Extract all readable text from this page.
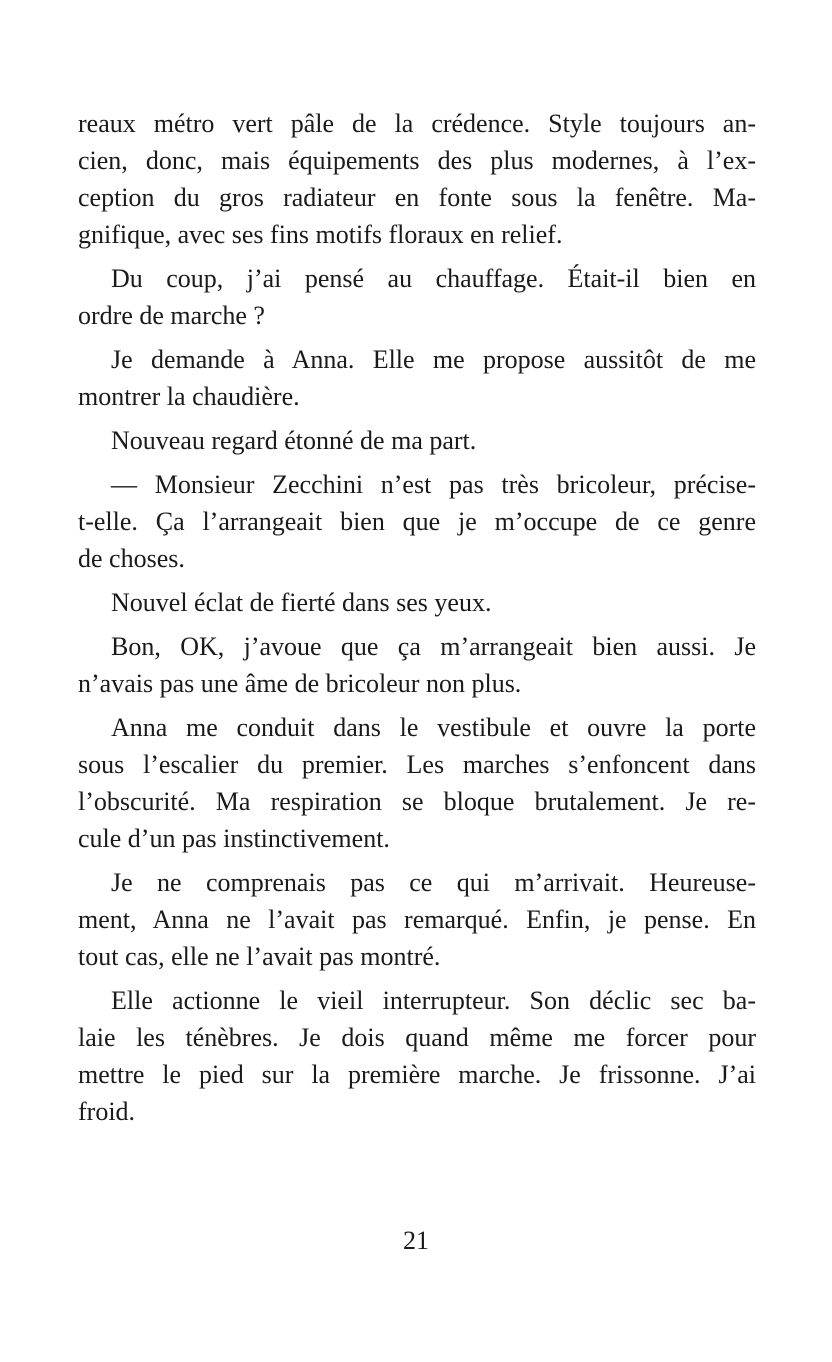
reaux métro vert pâle de la crédence. Style toujours an-
cien, donc, mais équipements des plus modernes, à l’ex-
ception du gros radiateur en fonte sous la fenêtre. Ma-
gnifique, avec ses fins motifs floraux en relief.
Du coup, j’ai pensé au chauffage. Était-il bien en
ordre de marche ?
Je demande à Anna. Elle me propose aussitôt de me
montrer la chaudière.
Nouveau regard étonné de ma part.
— Monsieur Zecchini n’est pas très bricoleur, précise-
t-elle. Ça l’arrangeait bien que je m’occupe de ce genre
de choses.
Nouvel éclat de fierté dans ses yeux.
Bon, OK, j’avoue que ça m’arrangeait bien aussi. Je
n’avais pas une âme de bricoleur non plus.
Anna me conduit dans le vestibule et ouvre la porte
sous l’escalier du premier. Les marches s’enfoncent dans
l’obscurité. Ma respiration se bloque brutalement. Je re-
cule d’un pas instinctivement.
Je ne comprenais pas ce qui m’arrivait. Heureuse-
ment, Anna ne l’avait pas remarqué. Enfin, je pense. En
tout cas, elle ne l’avait pas montré.
Elle actionne le vieil interrupteur. Son déclic sec ba-
laie les ténèbres. Je dois quand même me forcer pour
mettre le pied sur la première marche. Je frissonne. J’ai
froid.
21
